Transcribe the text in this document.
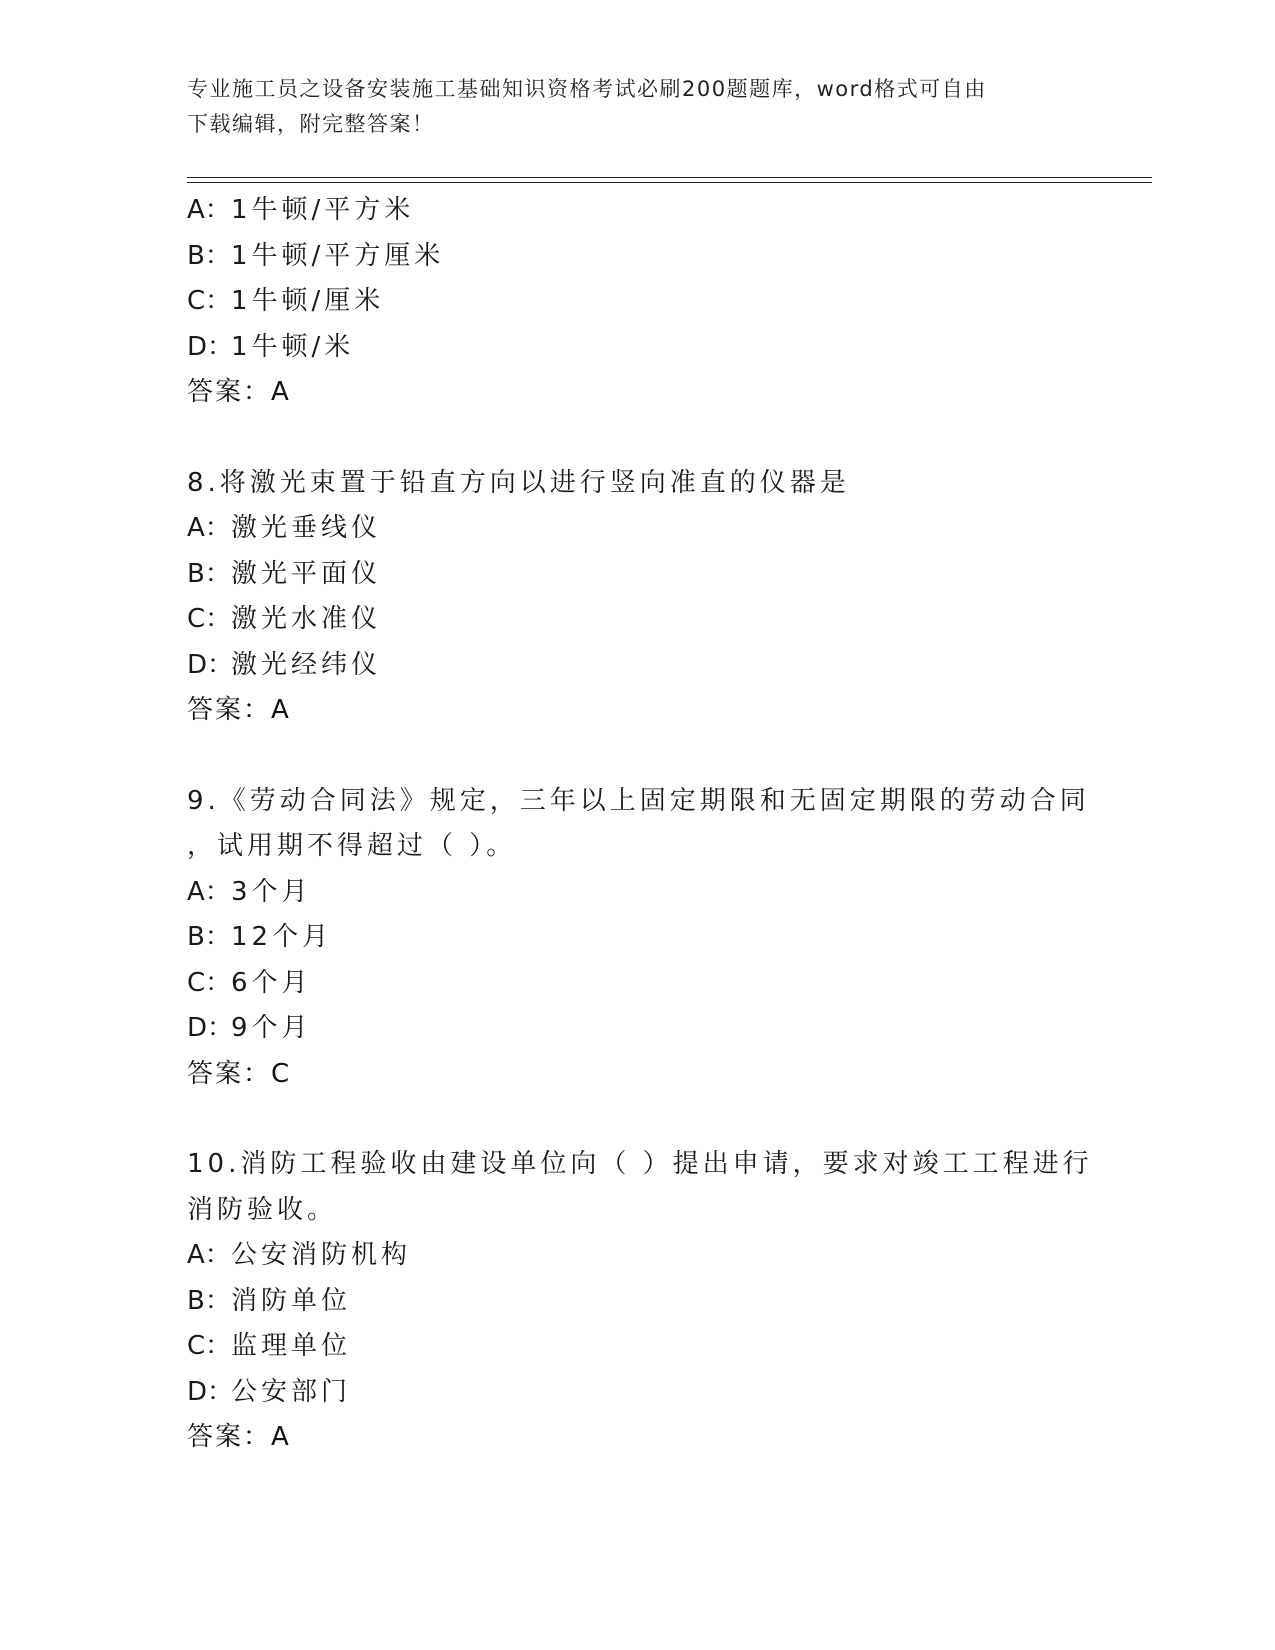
专业施工员之设备安装施工基础知识资格考试必刷200题题库，word格式可自由
下载编辑，附完整答案！
A：1牛顿/平方米
B：1牛顿/平方厘米
C：1牛顿/厘米
D：1牛顿/米
答案：A
8.将激光束置于铅直方向以进行竖向准直的仪器是
A：激光垂线仪
B：激光平面仪
C：激光水准仪
D：激光经纬仪
答案：A
9.《劳动合同法》规定，三年以上固定期限和无固定期限的劳动合同
，试用期不得超过（ ）。
A：3个月
B：12个月
C：6个月
D：9个月
答案：C
10.消防工程验收由建设单位向（ ）提出申请，要求对竣工工程进行
消防验收。
A：公安消防机构
B：消防单位
C：监理单位
D：公安部门
答案：A
